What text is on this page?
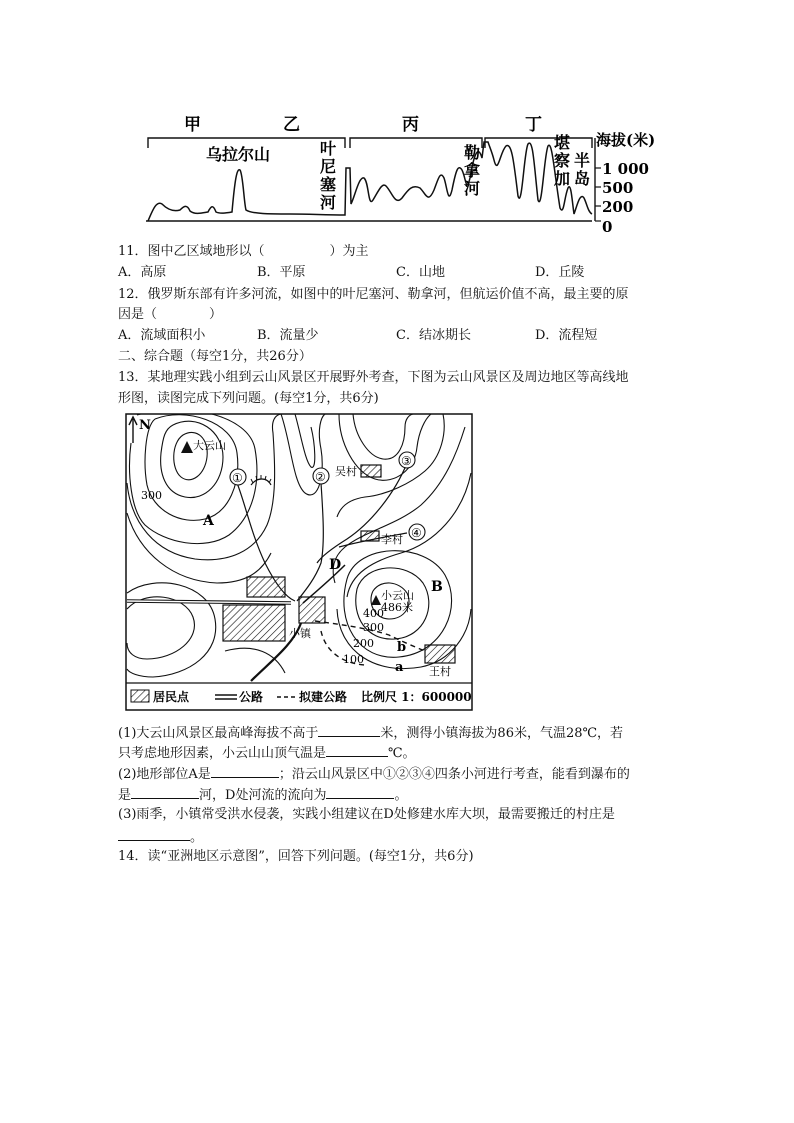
甲	乙	丙	丁
海拔(米)
1 000
500
200
0
乌拉尔山	叶
尼
塞
河
勒
拿
河
堪
察
加
半
岛
11．图中乙区域地形以（　　　　　）为主
A．高原	B．平原	C．山地	D．丘陵
12．俄罗斯东部有许多河流，如图中的叶尼塞河、勒拿河，但航运价值不高，最主要的原
因是（　　　　）
A．流域面积小	B．流量少	C．结冰期长	D．流程短
二、综合题（每空1分，共26分）
13．某地理实践小组到云山风景区开展野外考查，下图为云山风景区及周边地区等高线地
形图，读图完成下列问题。(每空1分，共6分)
N
大云山
小云山
486米
吴村
李村
王村
小镇
A
B
D
a
b
①	②
③
④
300
400
300
200
100
居民点	公路	拟建公路 比例尺 1：600000
(1)大云山风景区最高峰海拔不高于	米，测得小镇海拔为86米，气温28℃，若
只考虑地形因素，小云山山顶气温是	℃。
(2)地形部位A是	；沿云山风景区中①②③④四条小河进行考查，能看到瀑布的
是	河，D处河流的流向为	。
(3)雨季，小镇常受洪水侵袭，实践小组建议在D处修建水库大坝，最需要搬迁的村庄是
。
14．读“亚洲地区示意图”，回答下列问题。(每空1分，共6分)
